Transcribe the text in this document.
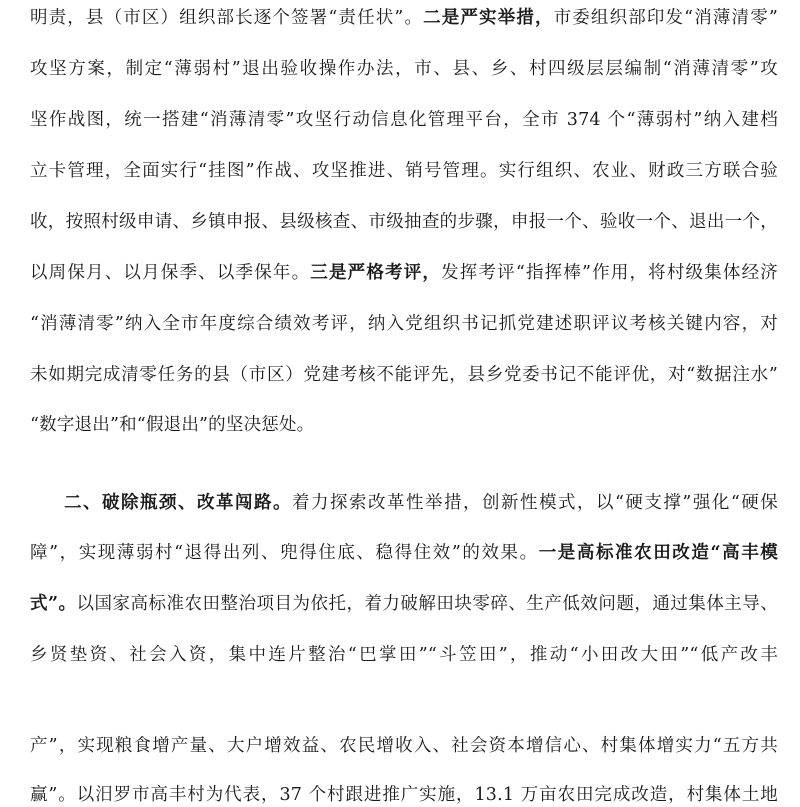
明责，县（市区）组织部长逐个签署“责任状”。二是严实举措，市委组织部印发“消薄清零”
攻坚方案，制定“薄弱村”退出验收操作办法，市、县、乡、村四级层层编制“消薄清零”攻
坚作战图，统一搭建“消薄清零”攻坚行动信息化管理平台，全市 374 个“薄弱村”纳入建档
立卡管理，全面实行“挂图”作战、攻坚推进、销号管理。实行组织、农业、财政三方联合验
收，按照村级申请、乡镇申报、县级核查、市级抽查的步骤，申报一个、验收一个、退出一个，
以周保月、以月保季、以季保年。三是严格考评，发挥考评“指挥棒”作用，将村级集体经济
“消薄清零”纳入全市年度综合绩效考评，纳入党组织书记抓党建述职评议考核关键内容，对
未如期完成清零任务的县（市区）党建考核不能评先，县乡党委书记不能评优，对“数据注水”
“数字退出”和“假退出”的坚决惩处。
二、破除瓶颈、改革闯路。着力探索改革性举措，创新性模式，以“硬支撑”强化“硬保
障”，实现薄弱村“退得出列、兜得住底、稳得住效”的效果。一是高标准农田改造“高丰模
式”。以国家高标准农田整治项目为依托，着力破解田块零碎、生产低效问题，通过集体主导、
乡贤垫资、社会入资，集中连片整治“巴掌田”“斗笠田”，推动“小田改大田”“低产改丰
产”，实现粮食增产量、大户增效益、农民增收入、社会资本增信心、村集体增实力“五方共
赢”。以汨罗市高丰村为代表，37 个村跟进推广实施，13.1 万亩农田完成改造，村集体土地
